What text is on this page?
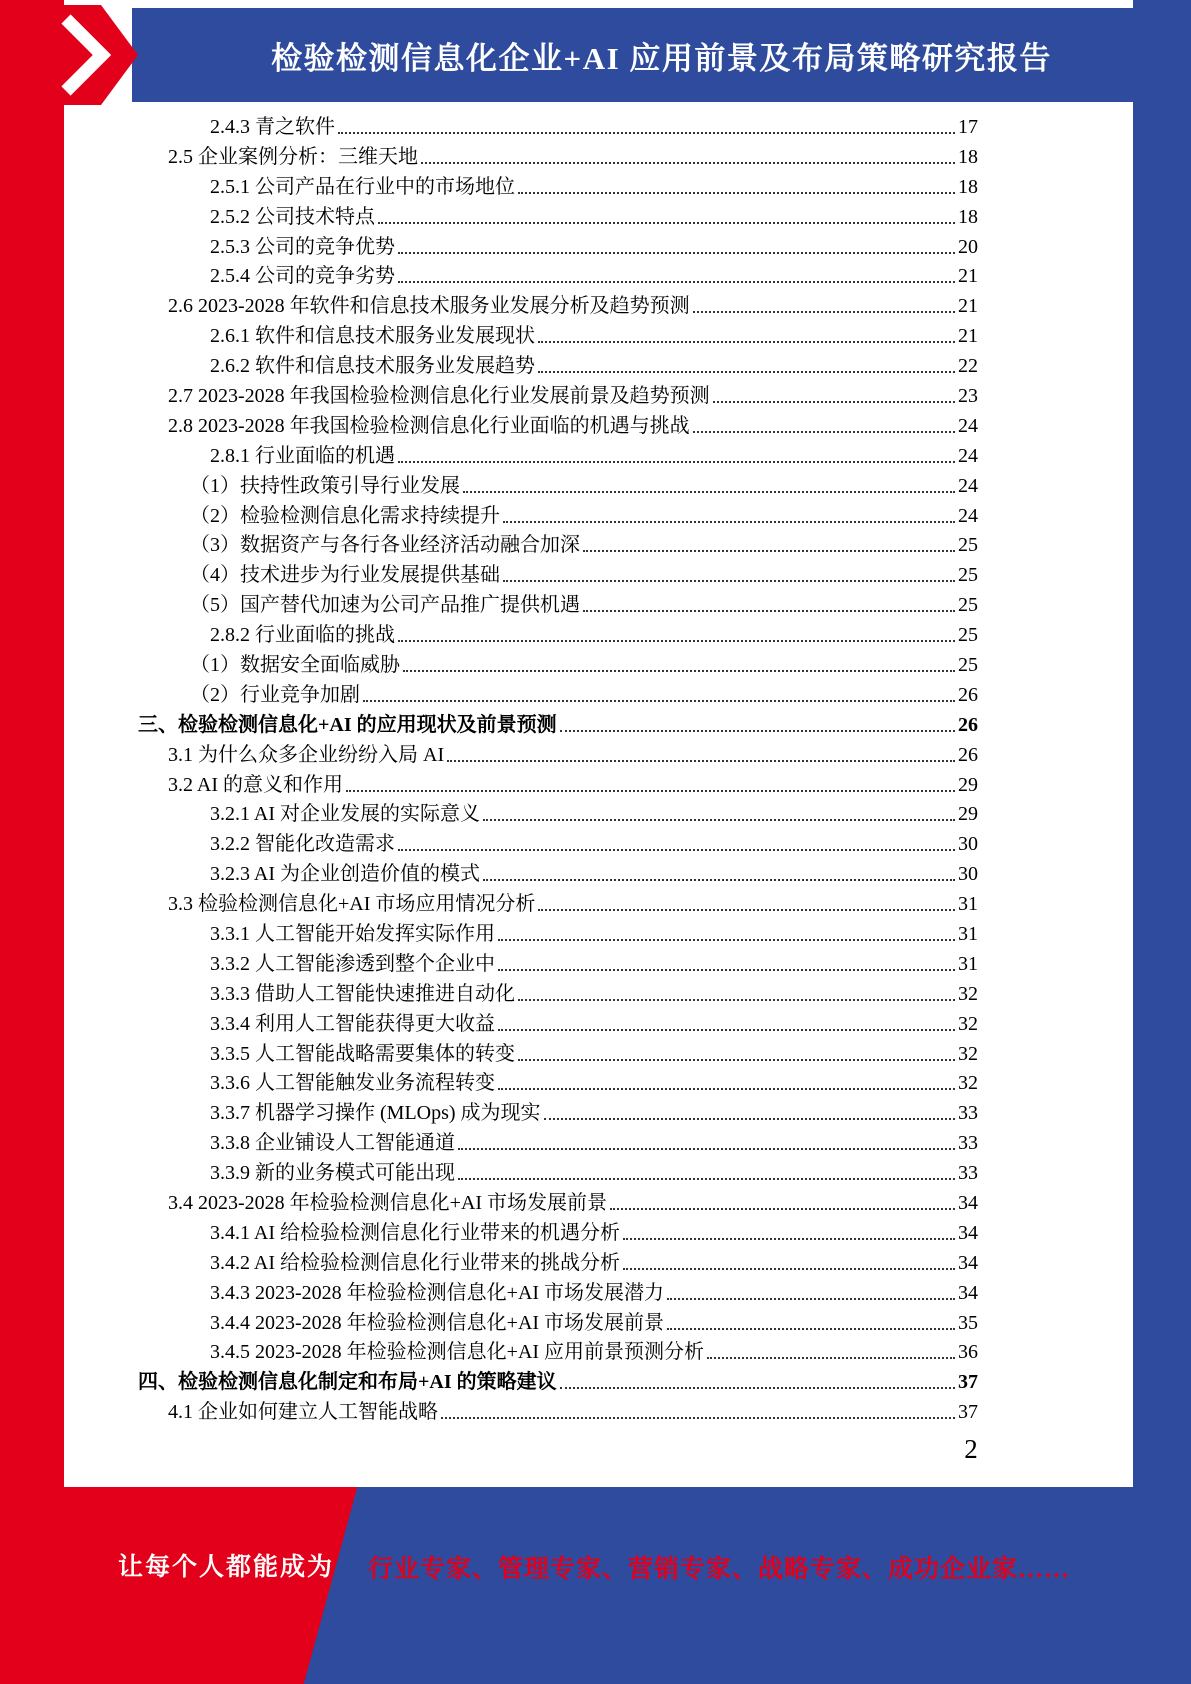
检验检测信息化企业+AI 应用前景及布局策略研究报告
2.4.3 青之软件	17
2.5 企业案例分析：三维天地	18
2.5.1 公司产品在行业中的市场地位	18
2.5.2 公司技术特点	18
2.5.3 公司的竞争优势	20
2.5.4 公司的竞争劣势	21
2.6 2023-2028 年软件和信息技术服务业发展分析及趋势预测	21
2.6.1 软件和信息技术服务业发展现状	21
2.6.2 软件和信息技术服务业发展趋势	22
2.7 2023-2028 年我国检验检测信息化行业发展前景及趋势预测	23
2.8 2023-2028 年我国检验检测信息化行业面临的机遇与挑战	24
2.8.1 行业面临的机遇	24
（1）扶持性政策引导行业发展	24
（2）检验检测信息化需求持续提升	24
（3）数据资产与各行各业经济活动融合加深	25
（4）技术进步为行业发展提供基础	25
（5）国产替代加速为公司产品推广提供机遇	25
2.8.2 行业面临的挑战	25
（1）数据安全面临威胁	25
（2）行业竞争加剧	26
三、检验检测信息化+AI 的应用现状及前景预测	26
3.1 为什么众多企业纷纷入局 AI	26
3.2 AI 的意义和作用	29
3.2.1 AI 对企业发展的实际意义	29
3.2.2 智能化改造需求	30
3.2.3 AI 为企业创造价值的模式	30
3.3 检验检测信息化+AI 市场应用情况分析	31
3.3.1 人工智能开始发挥实际作用	31
3.3.2 人工智能渗透到整个企业中	31
3.3.3 借助人工智能快速推进自动化	32
3.3.4 利用人工智能获得更大收益	32
3.3.5 人工智能战略需要集体的转变	32
3.3.6 人工智能触发业务流程转变	32
3.3.7 机器学习操作 (MLOps) 成为现实	33
3.3.8 企业铺设人工智能通道	33
3.3.9 新的业务模式可能出现	33
3.4 2023-2028 年检验检测信息化+AI 市场发展前景	34
3.4.1 AI 给检验检测信息化行业带来的机遇分析	34
3.4.2 AI 给检验检测信息化行业带来的挑战分析	34
3.4.3 2023-2028 年检验检测信息化+AI 市场发展潜力	34
3.4.4 2023-2028 年检验检测信息化+AI 市场发展前景	35
3.4.5 2023-2028 年检验检测信息化+AI 应用前景预测分析	36
四、检验检测信息化制定和布局+AI 的策略建议	37
4.1 企业如何建立人工智能战略	37
2
让每个人都能成为 行业专家、管理专家、营销专家、战略专家、成功企业家……
